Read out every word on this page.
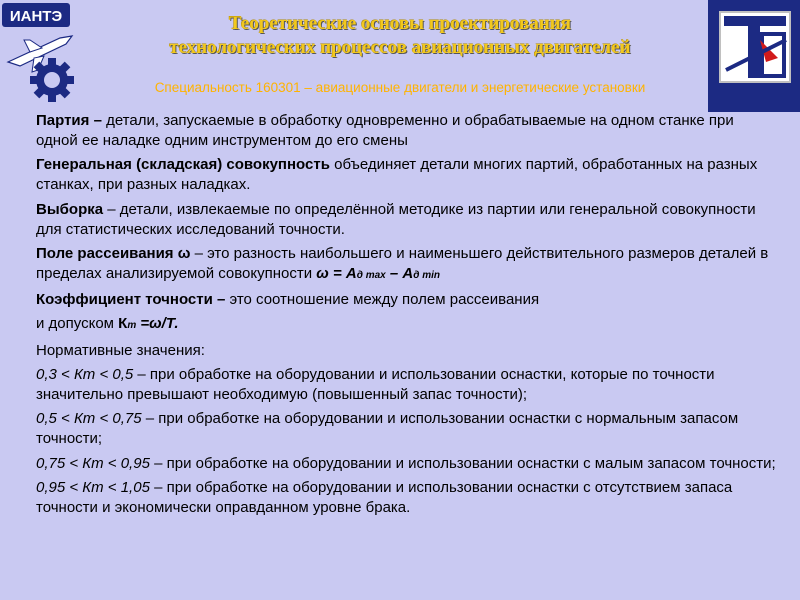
ИАНТЭ	Теоретические основы проектирования
технологических процессов авиационных двигателей
Специальность 160301 – авиационные двигатели и энергетические установки
Партия – детали, запускаемые в обработку одновременно и обрабатываемые на одном станке при одной ее наладке одним инструментом до его смены
Генеральная (складская) совокупность объединяет детали многих партий, обработанных на разных станках, при разных наладках.
Выборка – детали, извлекаемые по определённой методике из партии или генеральной совокупности для статистических исследований точности.
Поле рассеивания ω – это разность наибольшего и наименьшего действительного размеров деталей в пределах анализируемой совокупности ω = Ад max – Ад min
Коэффициент точности – это соотношение между полем рассеивания
и допуском Кт =ω/Т.
Нормативные значения:
0,3 < Кт < 0,5 – при обработке на оборудовании и использовании оснастки, которые по точности значительно превышают необходимую (повышенный запас точности);
0,5 < Кт < 0,75 – при обработке на оборудовании и использовании оснастки с нормальным запасом точности;
0,75 < Кт < 0,95 – при обработке на оборудовании и использовании оснастки с малым запасом точности;
0,95 < Кт < 1,05 – при обработке на оборудовании и использовании оснастки с отсутствием запаса точности и экономически оправданном уровне брака.
